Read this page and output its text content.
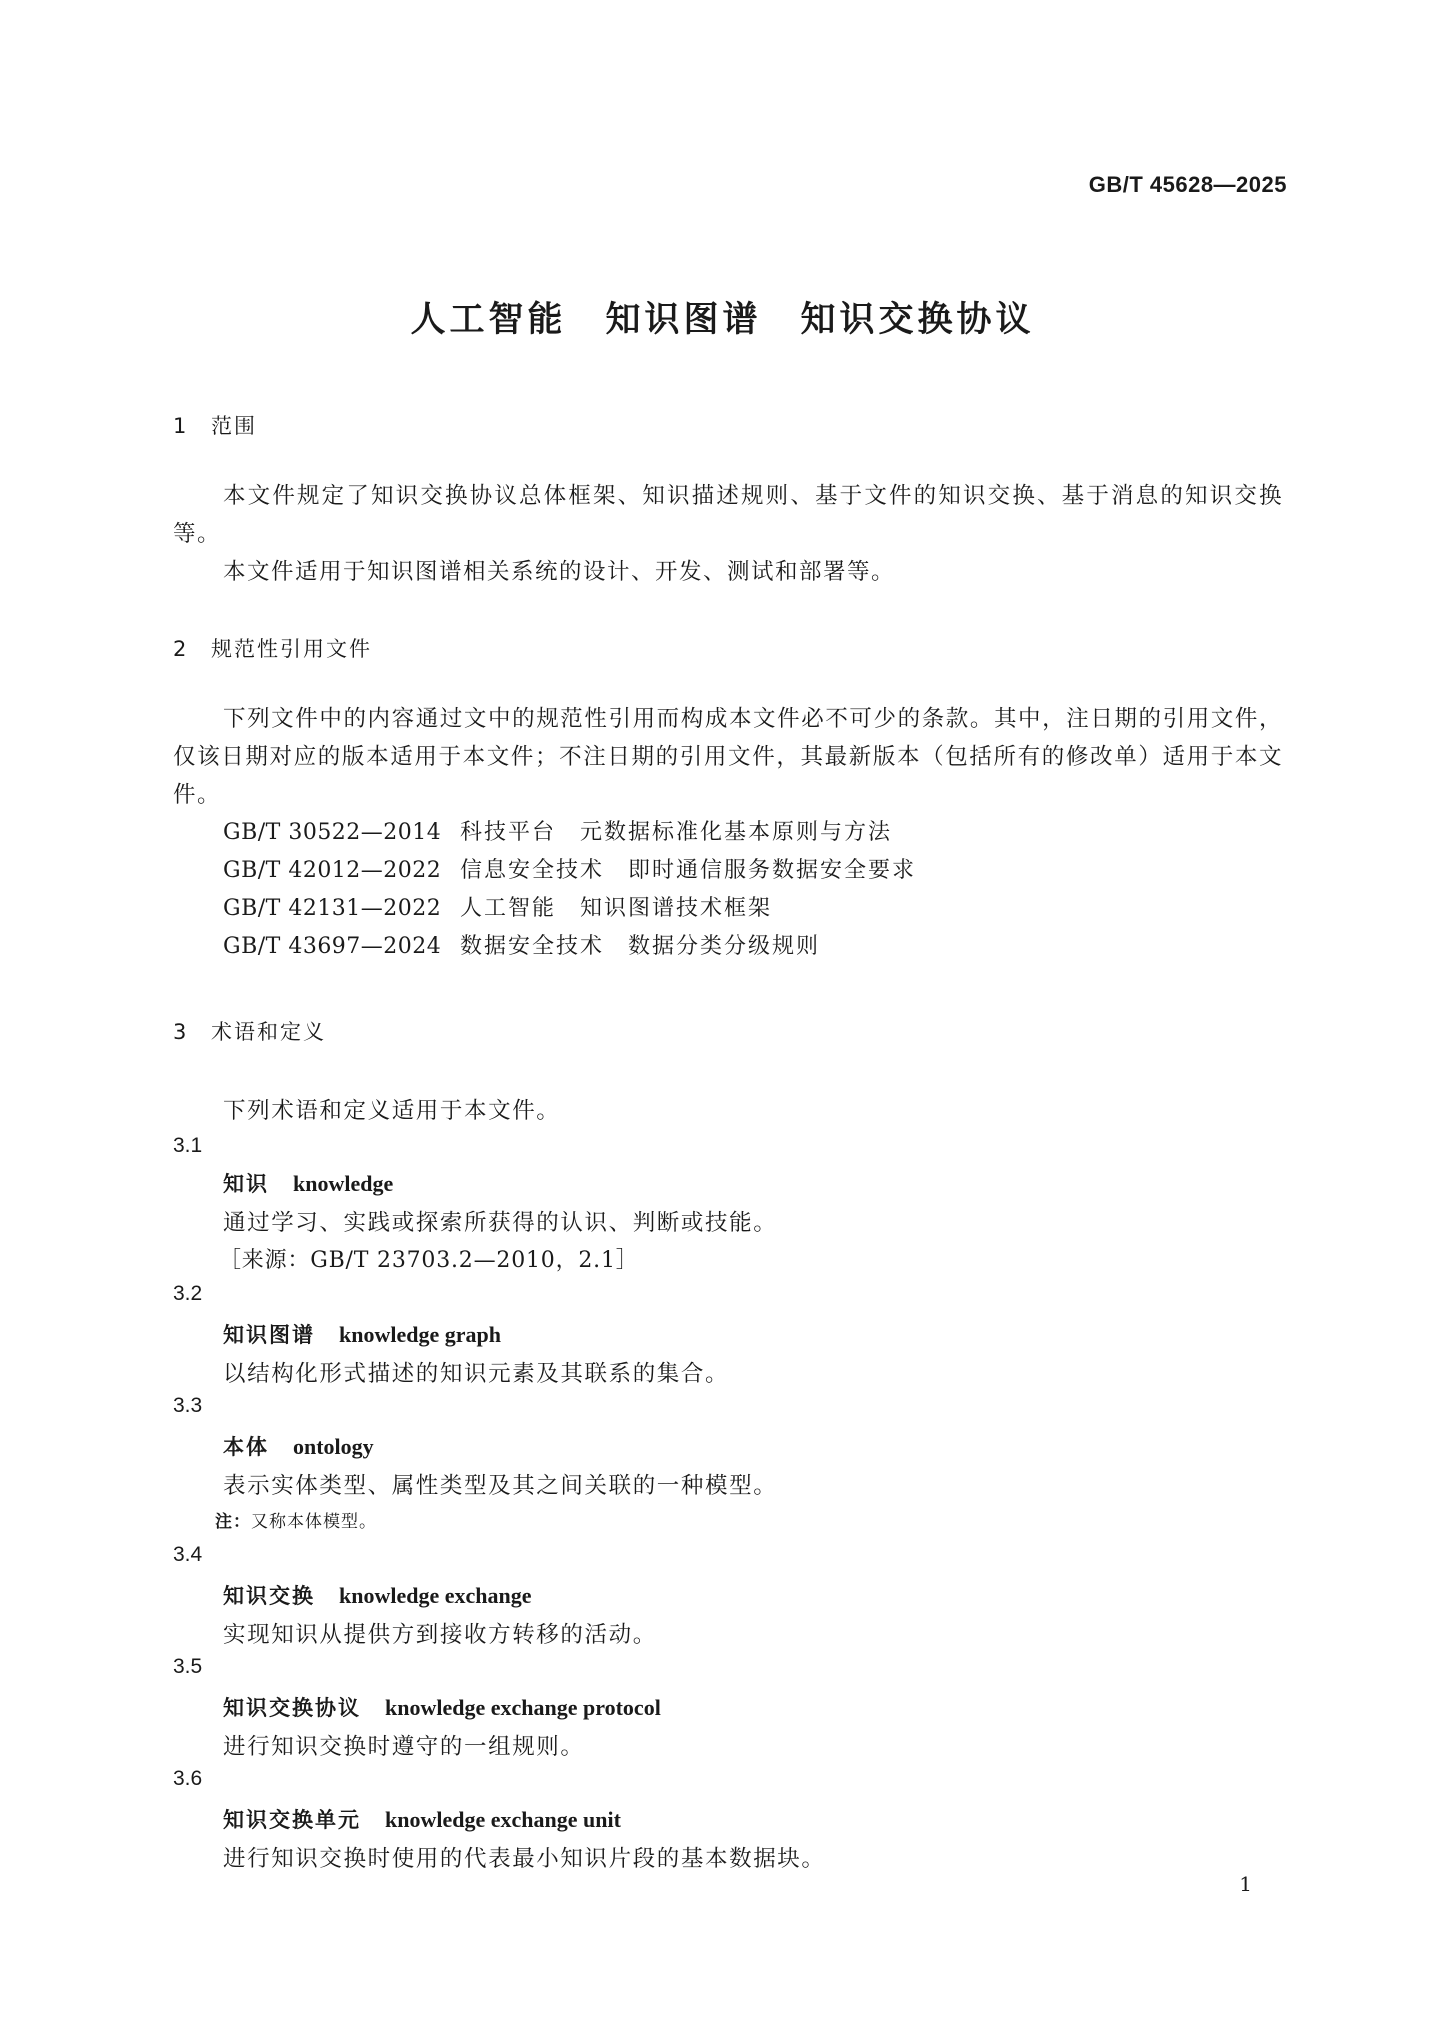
GB/T 45628—2025
人工智能　知识图谱　知识交换协议
1 范围

本文件规定了知识交换协议总体框架、知识描述规则、基于文件的知识交换、基于消息的知识交换等。

本文件适用于知识图谱相关系统的设计、开发、测试和部署等。

2 规范性引用文件

下列文件中的内容通过文中的规范性引用而构成本文件必不可少的条款。其中，注日期的引用文件，仅该日期对应的版本适用于本文件；不注日期的引用文件，其最新版本（包括所有的修改单）适用于本文件。

GB/T 30522—2014 科技平台　元数据标准化基本原则与方法
GB/T 42012—2022 信息安全技术　即时通信服务数据安全要求
GB/T 42131—2022 人工智能　知识图谱技术框架
GB/T 43697—2024 数据安全技术　数据分类分级规则
3 术语和定义
下列术语和定义适用于本文件。
3.1
知识 knowledge
通过学习、实践或探索所获得的认识、判断或技能。
［来源：GB/T 23703.2—2010，2.1］
3.2
知识图谱 knowledge graph
以结构化形式描述的知识元素及其联系的集合。
3.3
本体 ontology
表示实体类型、属性类型及其之间关联的一种模型。
注：又称本体模型。
3.4
知识交换 knowledge exchange
实现知识从提供方到接收方转移的活动。
3.5
知识交换协议 knowledge exchange protocol
进行知识交换时遵守的一组规则。
3.6
知识交换单元 knowledge exchange unit
进行知识交换时使用的代表最小知识片段的基本数据块。
1
